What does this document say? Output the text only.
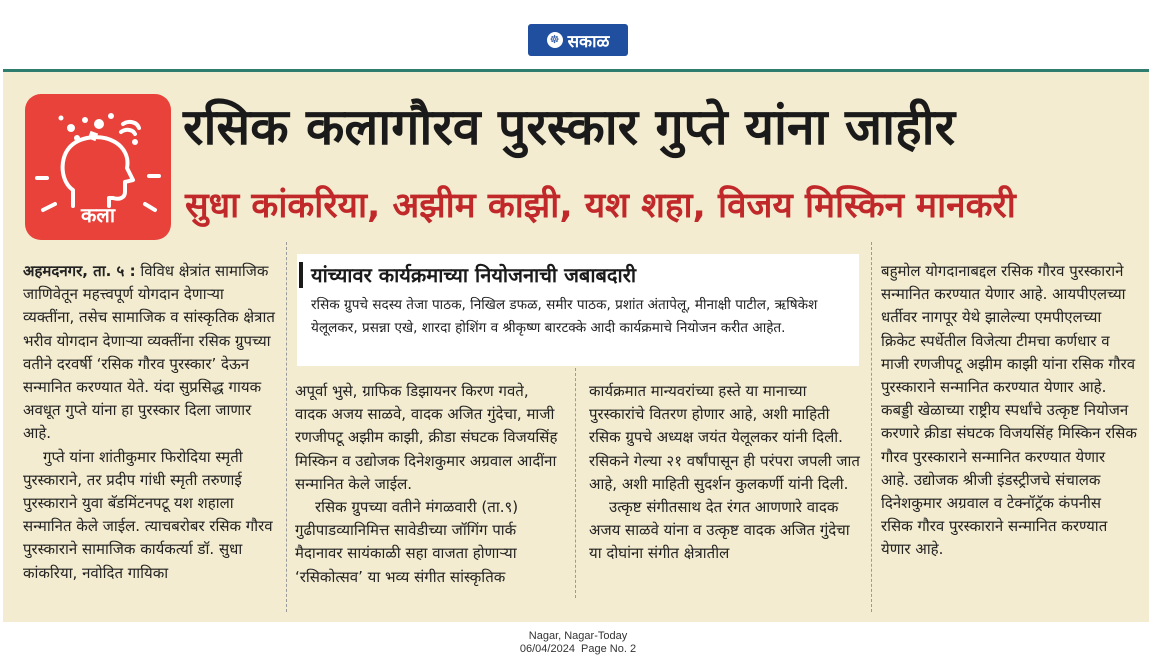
☸ सकाळ
कला
रसिक कलागौरव पुरस्कार गुप्ते यांना जाहीर
सुधा कांकरिया, अझीम काझी, यश शहा, विजय मिस्किन मानकरी

अहमदनगर, ता. ५ : विविध क्षेत्रांत सामाजिक जाणिवेतून महत्त्वपूर्ण योगदान देणाऱ्या व्यक्तींना, तसेच सामाजिक व सांस्कृतिक क्षेत्रात भरीव योगदान देणाऱ्या व्यक्तींना रसिक ग्रुपच्या वतीने दरवर्षी ‘रसिक गौरव पुरस्कार’ देऊन सन्मानित करण्यात येते. यंदा सुप्रसिद्ध गायक अवधूत गुप्ते यांना हा पुरस्कार दिला जाणार आहे.

गुप्ते यांना शांतीकुमार फिरोदिया स्मृती पुरस्काराने, तर प्रदीप गांधी स्मृती तरुणाई पुरस्काराने युवा बॅडमिंटनपटू यश शहाला सन्मानित केले जाईल. त्याचबरोबर रसिक गौरव पुरस्काराने सामाजिक कार्यकर्त्या डॉ. सुधा कांकरिया, नवोदित गायिका

यांच्यावर कार्यक्रमाच्या नियोजनाची जबाबदारी
रसिक ग्रुपचे सदस्य तेजा पाठक, निखिल डफळ, समीर पाठक, प्रशांत अंतापेलू, मीनाक्षी पाटील, ऋषिकेश येलूलकर, प्रसन्ना एखे, शारदा होशिंग व श्रीकृष्ण बारटक्के आदी कार्यक्रमाचे नियोजन करीत आहेत.

अपूर्वा भुसे, ग्राफिक डिझायनर किरण गवते, वादक अजय साळवे, वादक अजित गुंदेचा, माजी रणजीपटू अझीम काझी, क्रीडा संघटक विजयसिंह मिस्किन व उद्योजक दिनेशकुमार अग्रवाल आदींना सन्मानित केले जाईल.

रसिक ग्रुपच्या वतीने मंगळवारी (ता.९) गुढीपाडव्यानिमित्त सावेडीच्या जॉगिंग पार्क मैदानावर सायंकाळी सहा वाजता होणाऱ्या ‘रसिकोत्सव’ या भव्य संगीत सांस्कृतिक

कार्यक्रमात मान्यवरांच्या हस्ते या मानाच्या पुरस्कारांचे वितरण होणार आहे, अशी माहिती रसिक ग्रुपचे अध्यक्ष जयंत येलूलकर यांनी दिली. रसिकने गेल्या २१ वर्षांपासून ही परंपरा जपली जात आहे, अशी माहिती सुदर्शन कुलकर्णी यांनी दिली.

उत्कृष्ट संगीतसाथ देत रंगत आणणारे वादक अजय साळवे यांना व उत्कृष्ट वादक अजित गुंदेचा या दोघांना संगीत क्षेत्रातील

बहुमोल योगदानाबद्दल रसिक गौरव पुरस्काराने सन्मानित करण्यात येणार आहे. आयपीएलच्या धर्तीवर नागपूर येथे झालेल्या एमपीएलच्या क्रिकेट स्पर्धेतील विजेत्या टीमचा कर्णधार व माजी रणजीपटू अझीम काझी यांना रसिक गौरव पुरस्काराने सन्मानित करण्यात येणार आहे. कबड्डी खेळाच्या राष्ट्रीय स्पर्धांचे उत्कृष्ट नियोजन करणारे क्रीडा संघटक विजयसिंह मिस्किन रसिक गौरव पुरस्काराने सन्मानित करण्यात येणार आहे. उद्योजक श्रीजी इंडस्ट्रीजचे संचालक दिनेशकुमार अग्रवाल व टेक्नॉट्रॅक कंपनीस रसिक गौरव पुरस्काराने सन्मानित करण्यात येणार आहे.

Nagar, Nagar-Today
06/04/2024  Page No. 2
